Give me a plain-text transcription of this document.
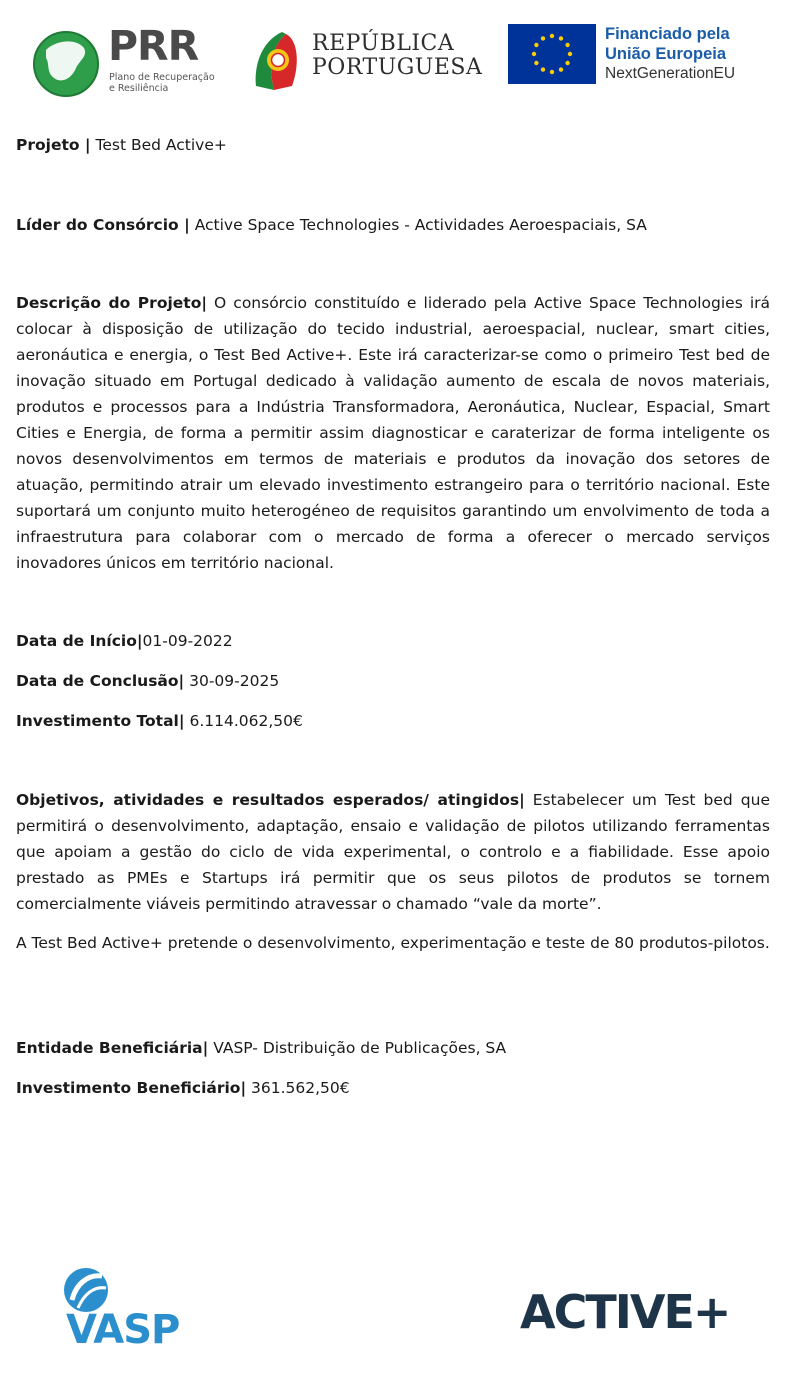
PRR
Plano de Recuperação
e Resiliência
REPÚBLICA
PORTUGUESA
Financiado pela
União Europeia
NextGenerationEU

Projeto | Test Bed Active+

Líder do Consórcio | Active Space Technologies - Actividades Aeroespaciais, SA

Descrição do Projeto| O consórcio constituído e liderado pela Active Space Technologies irá colocar à disposição de utilização do tecido industrial, aeroespacial, nuclear, smart cities, aeronáutica e energia, o Test Bed Active+. Este irá caracterizar-se como o primeiro Test bed de inovação situado em Portugal dedicado à validação aumento de escala de novos materiais, produtos e processos para a Indústria Transformadora, Aeronáutica, Nuclear, Espacial, Smart Cities e Energia, de forma a permitir assim diagnosticar e caraterizar de forma inteligente os novos desenvolvimentos em termos de materiais e produtos da inovação dos setores de atuação, permitindo atrair um elevado investimento estrangeiro para o território nacional. Este suportará um conjunto muito heterogéneo de requisitos garantindo um envolvimento de toda a infraestrutura para colaborar com o mercado de forma a oferecer o mercado serviços inovadores únicos em território nacional.

Data de Início|01-09-2022

Data de Conclusão| 30-09-2025

Investimento Total| 6.114.062,50€

Objetivos, atividades e resultados esperados/ atingidos| Estabelecer um Test bed que permitirá o desenvolvimento, adaptação, ensaio e validação de pilotos utilizando ferramentas que apoiam a gestão do ciclo de vida experimental, o controlo e a fiabilidade. Esse apoio prestado as PMEs e Startups irá permitir que os seus pilotos de produtos se tornem comercialmente viáveis permitindo atravessar o chamado “vale da morte”.

A Test Bed Active+ pretende o desenvolvimento, experimentação e teste de 80 produtos-pilotos.

Entidade Beneficiária| VASP- Distribuição de Publicações, SA

Investimento Beneficiário| 361.562,50€

VASP	ACTIVE+
